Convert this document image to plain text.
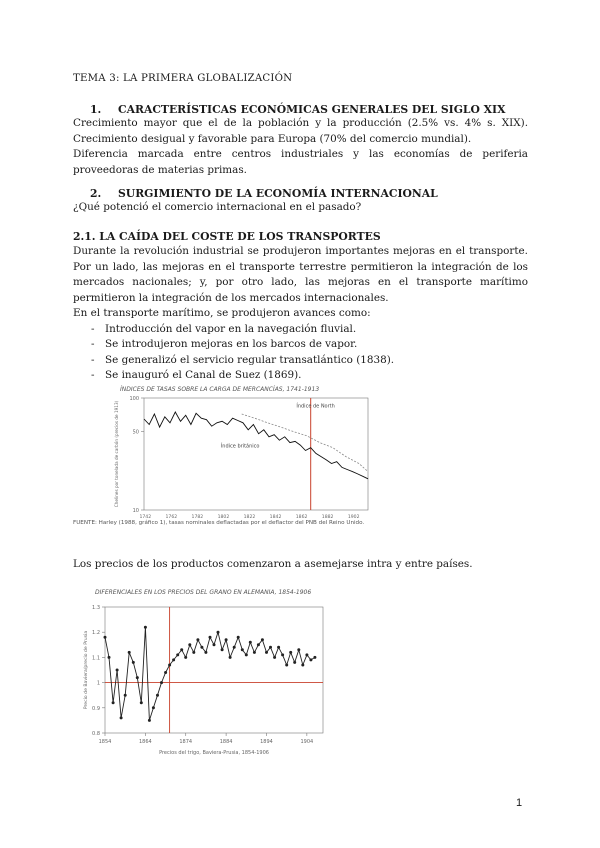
TEMA 3: LA PRIMERA GLOBALIZACIÓN
1. CARACTERÍSTICAS ECONÓMICAS GENERALES DEL SIGLO XIX

Crecimiento mayor que el de la población y la producción (2.5% vs. 4% s. XIX). Crecimiento desigual y favorable para Europa (70% del comercio mundial).

Diferencia marcada entre centros industriales y las economías de periferia proveedoras de materias primas.

2. SURGIMIENTO DE LA ECONOMÍA INTERNACIONAL
¿Qué potenció el comercio internacional en el pasado?
2.1. LA CAÍDA DEL COSTE DE LOS TRANSPORTES

Durante la revolución industrial se produjeron importantes mejoras en el transporte. Por un lado, las mejoras en el transporte terrestre permitieron la integración de los mercados nacionales; y, por otro lado, las mejoras en el transporte marítimo permitieron la integración de los mercados internacionales.

En el transporte marítimo, se produjeron avances como:

- Introducción del vapor en la navegación fluvial.
- Se introdujeron mejoras en los barcos de vapor.
- Se generalizó el servicio regular transatlántico (1838).
- Se inauguró el Canal de Suez (1869).
ÍNDICES DE TASAS SOBRE LA CARGA DE MERCANCÍAS, 1741-1913
100
50
10
1742	1762	1782	1802	1822	1842	1862	1882	1902
Chelines por tonelada de carbón (precios de 1913)	Índice de North
Índice británico
FUENTE: Harley (1988, gráfico 1), tasas nominales deflactadas por el deflactor del PNB del Reino Unido.
Los precios de los productos comenzaron a asemejarse intra y entre países.
DIFERENCIALES EN LOS PRECIOS DEL GRANO EN ALEMANIA, 1854-1906
0.8
0.9
1
1.1
1.2
1.3
1854	1864	1874	1884	1894	1904
Precios del trigo, Baviera-Prusia, 1854-1906
Precio de Baviera/precio de Prusia
1
